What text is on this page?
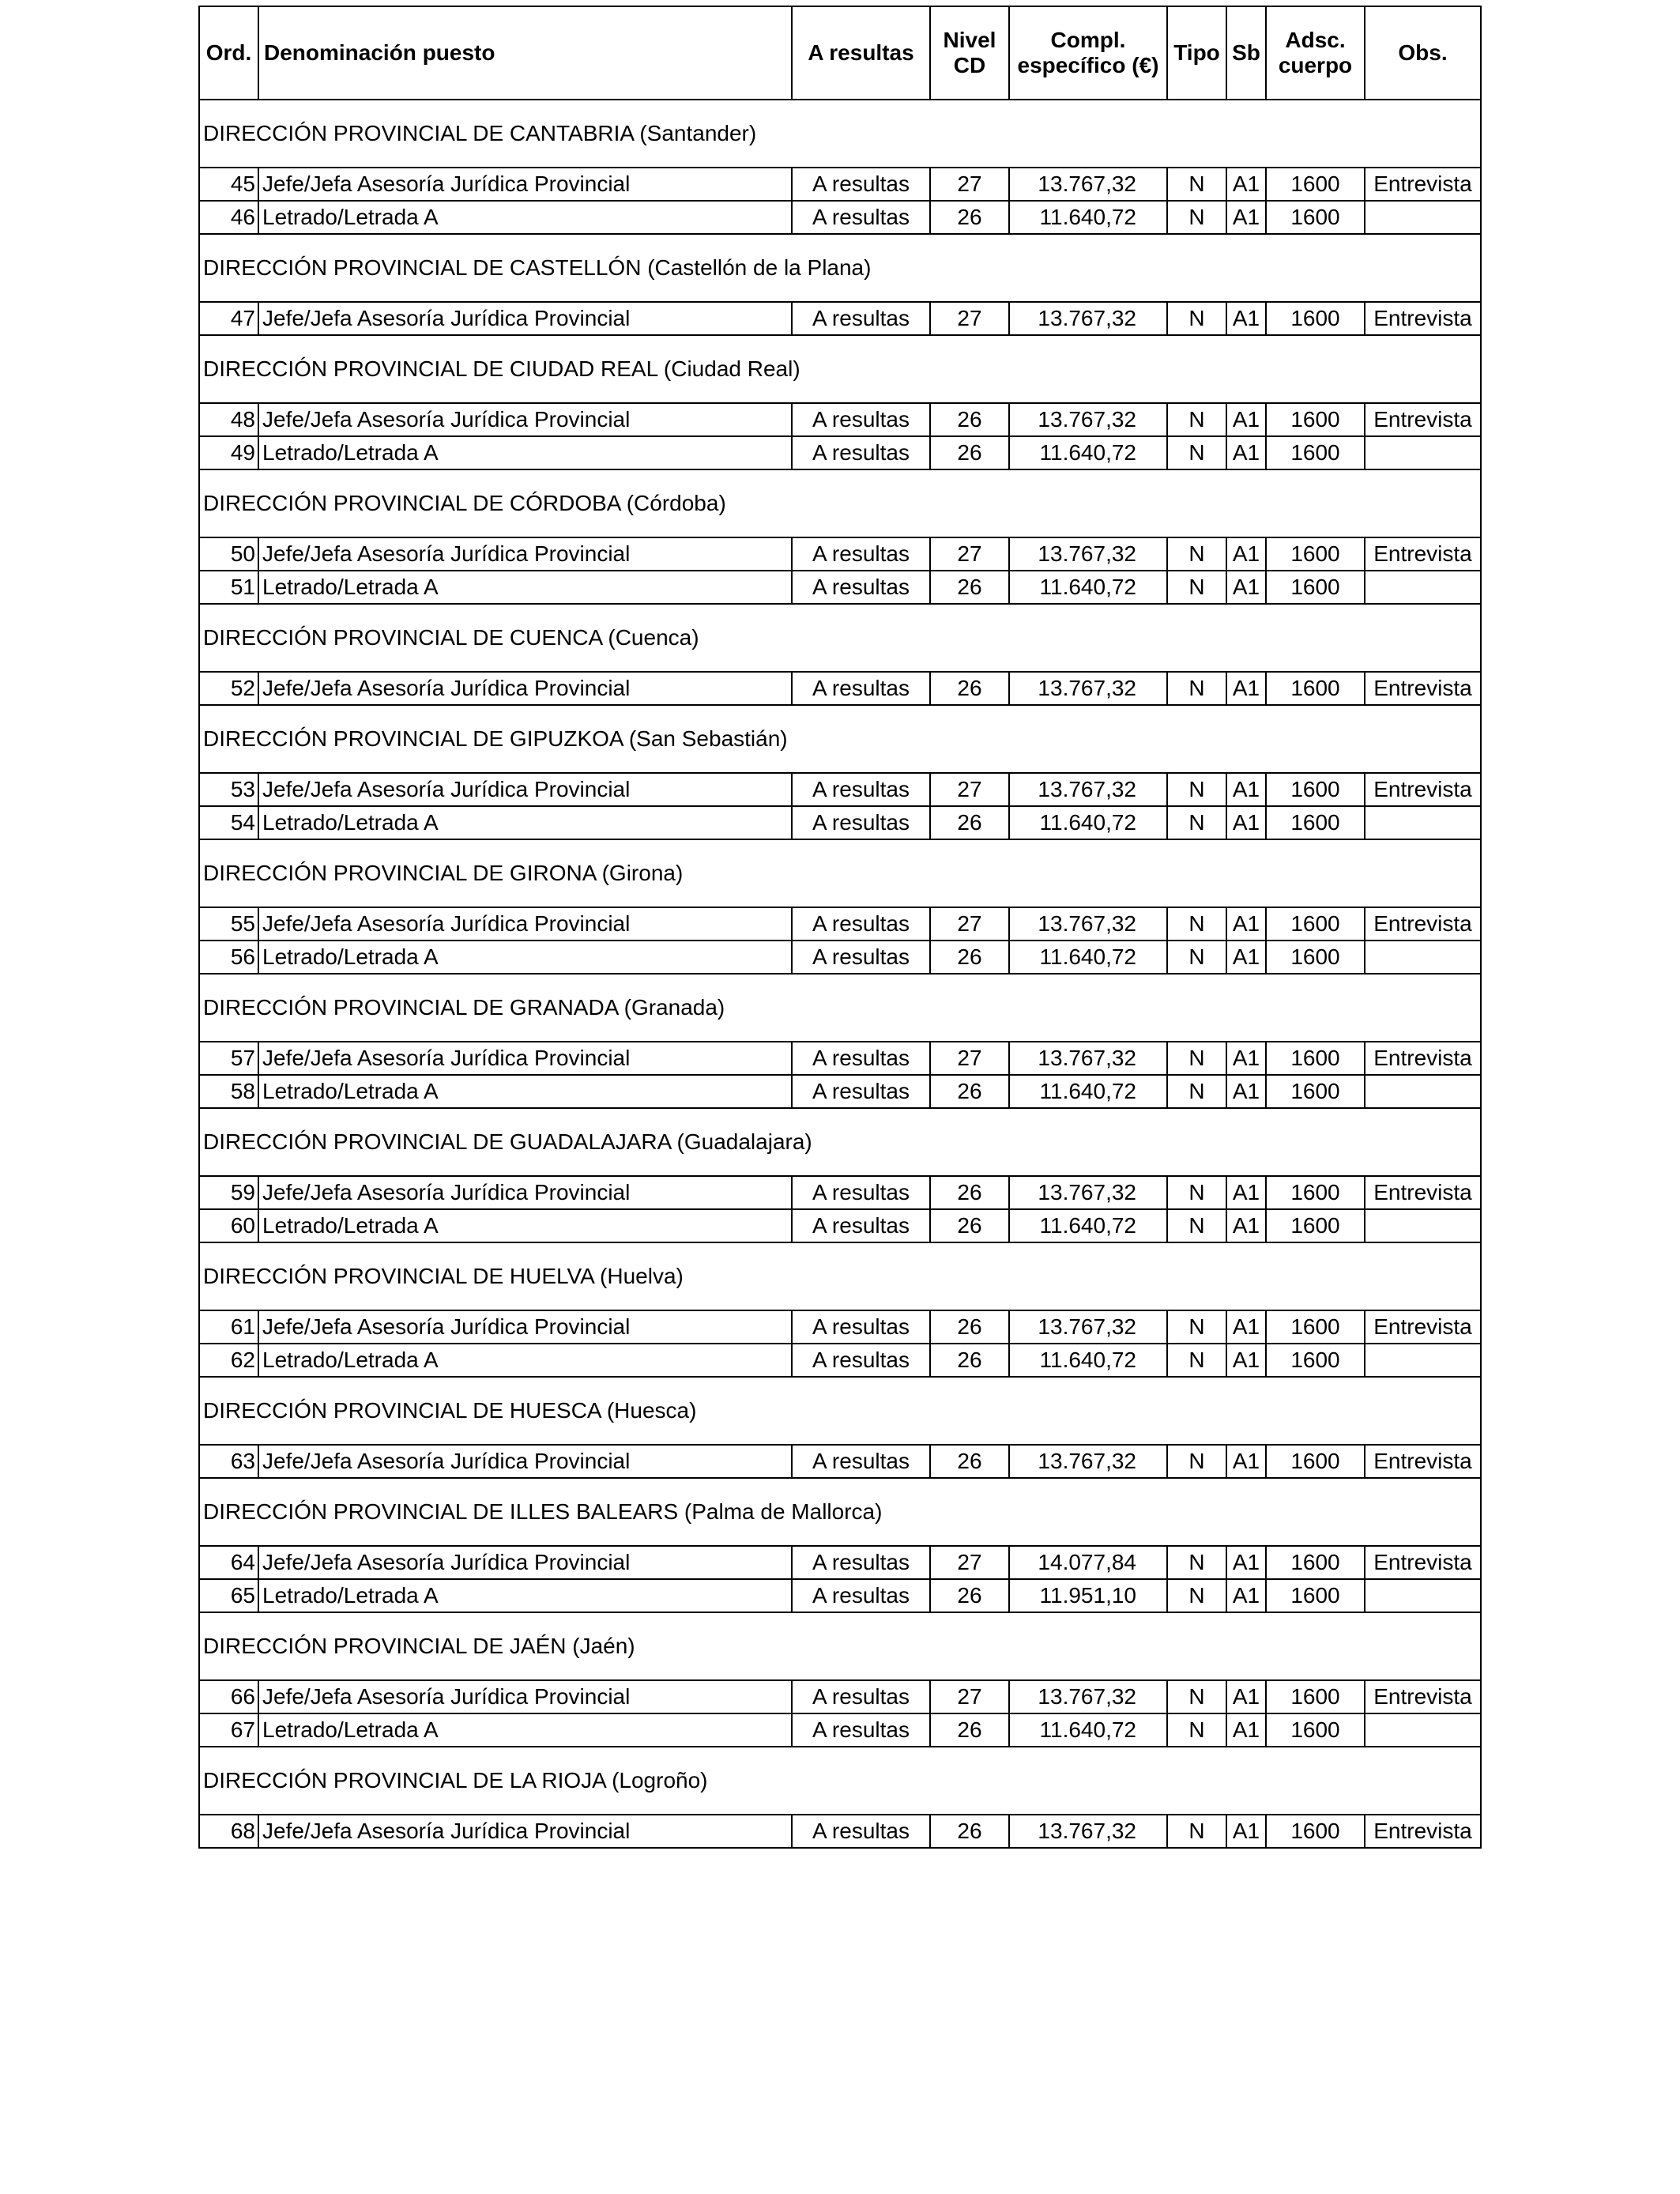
Ord.	Denominación puesto	A resultas	Nivel CD	Compl. específico (€)	Tipo	Sb	Adsc. cuerpo	Obs.
DIRECCIÓN PROVINCIAL DE CANTABRIA (Santander)								
45	Jefe/Jefa Asesoría Jurídica Provincial	A resultas	27	13.767,32	N	A1	1600	Entrevista
46	Letrado/Letrada A	A resultas	26	11.640,72	N	A1	1600	
DIRECCIÓN PROVINCIAL DE CASTELLÓN (Castellón de la Plana)								
47	Jefe/Jefa Asesoría Jurídica Provincial	A resultas	27	13.767,32	N	A1	1600	Entrevista
DIRECCIÓN PROVINCIAL DE CIUDAD REAL (Ciudad Real)								
48	Jefe/Jefa Asesoría Jurídica Provincial	A resultas	26	13.767,32	N	A1	1600	Entrevista
49	Letrado/Letrada A	A resultas	26	11.640,72	N	A1	1600	
DIRECCIÓN PROVINCIAL DE CÓRDOBA (Córdoba)								
50	Jefe/Jefa Asesoría Jurídica Provincial	A resultas	27	13.767,32	N	A1	1600	Entrevista
51	Letrado/Letrada A	A resultas	26	11.640,72	N	A1	1600	
DIRECCIÓN PROVINCIAL DE CUENCA (Cuenca)								
52	Jefe/Jefa Asesoría Jurídica Provincial	A resultas	26	13.767,32	N	A1	1600	Entrevista
DIRECCIÓN PROVINCIAL DE GIPUZKOA (San Sebastián)								
53	Jefe/Jefa Asesoría Jurídica Provincial	A resultas	27	13.767,32	N	A1	1600	Entrevista
54	Letrado/Letrada A	A resultas	26	11.640,72	N	A1	1600	
DIRECCIÓN PROVINCIAL DE GIRONA (Girona)								
55	Jefe/Jefa Asesoría Jurídica Provincial	A resultas	27	13.767,32	N	A1	1600	Entrevista
56	Letrado/Letrada A	A resultas	26	11.640,72	N	A1	1600	
DIRECCIÓN PROVINCIAL DE GRANADA (Granada)								
57	Jefe/Jefa Asesoría Jurídica Provincial	A resultas	27	13.767,32	N	A1	1600	Entrevista
58	Letrado/Letrada A	A resultas	26	11.640,72	N	A1	1600	
DIRECCIÓN PROVINCIAL DE GUADALAJARA (Guadalajara)								
59	Jefe/Jefa Asesoría Jurídica Provincial	A resultas	26	13.767,32	N	A1	1600	Entrevista
60	Letrado/Letrada A	A resultas	26	11.640,72	N	A1	1600	
DIRECCIÓN PROVINCIAL DE HUELVA (Huelva)								
61	Jefe/Jefa Asesoría Jurídica Provincial	A resultas	26	13.767,32	N	A1	1600	Entrevista
62	Letrado/Letrada A	A resultas	26	11.640,72	N	A1	1600	
DIRECCIÓN PROVINCIAL DE HUESCA (Huesca)								
63	Jefe/Jefa Asesoría Jurídica Provincial	A resultas	26	13.767,32	N	A1	1600	Entrevista
DIRECCIÓN PROVINCIAL DE ILLES BALEARS (Palma de Mallorca)								
64	Jefe/Jefa Asesoría Jurídica Provincial	A resultas	27	14.077,84	N	A1	1600	Entrevista
65	Letrado/Letrada A	A resultas	26	11.951,10	N	A1	1600	
DIRECCIÓN PROVINCIAL DE JAÉN (Jaén)								
66	Jefe/Jefa Asesoría Jurídica Provincial	A resultas	27	13.767,32	N	A1	1600	Entrevista
67	Letrado/Letrada A	A resultas	26	11.640,72	N	A1	1600	
DIRECCIÓN PROVINCIAL DE LA RIOJA (Logroño)								
68	Jefe/Jefa Asesoría Jurídica Provincial	A resultas	26	13.767,32	N	A1	1600	Entrevista
